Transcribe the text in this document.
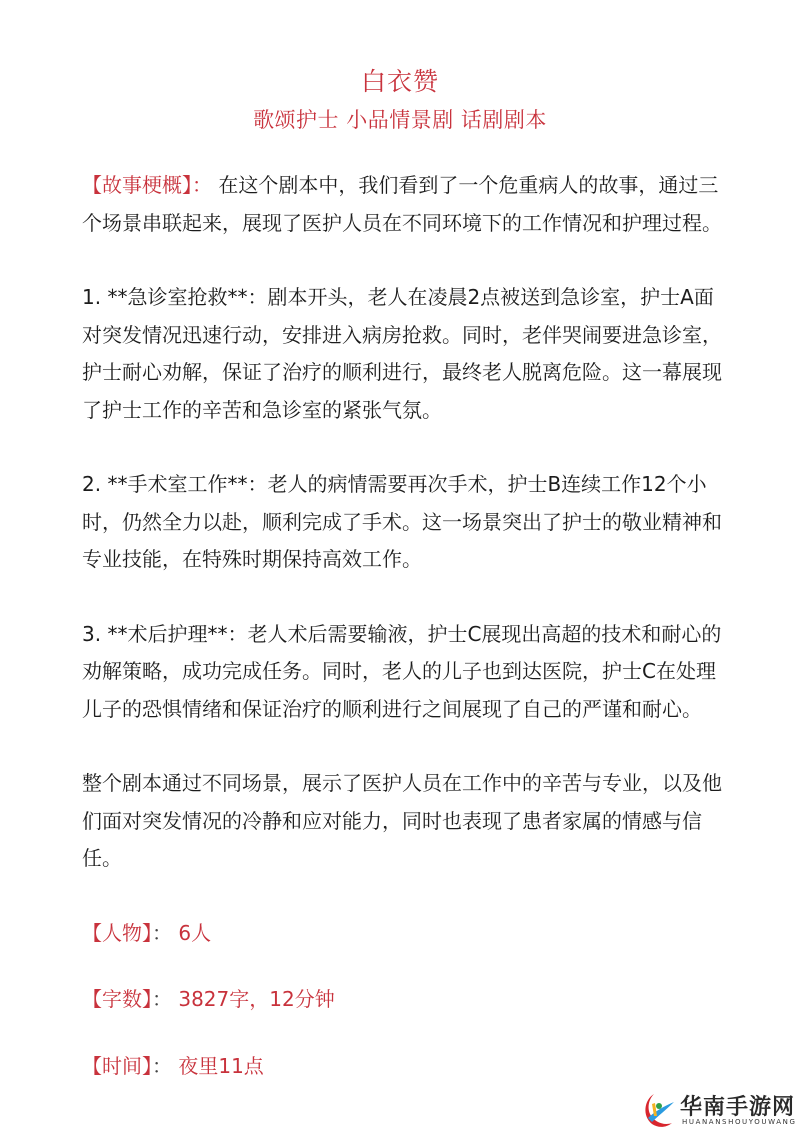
白衣赞
歌颂护士 小品情景剧 话剧剧本

【故事梗概】： 在这个剧本中，我们看到了一个危重病人的故事，通过三个场景串联起来，展现了医护人员在不同环境下的工作情况和护理过程。

1. **急诊室抢救**：剧本开头，老人在凌晨2点被送到急诊室，护士A面对突发情况迅速行动，安排进入病房抢救。同时，老伴哭闹要进急诊室，护士耐心劝解，保证了治疗的顺利进行，最终老人脱离危险。这一幕展现了护士工作的辛苦和急诊室的紧张气氛。

2. **手术室工作**：老人的病情需要再次手术，护士B连续工作12个小时，仍然全力以赴，顺利完成了手术。这一场景突出了护士的敬业精神和专业技能，在特殊时期保持高效工作。

3. **术后护理**：老人术后需要输液，护士C展现出高超的技术和耐心的劝解策略，成功完成任务。同时，老人的儿子也到达医院，护士C在处理儿子的恐惧情绪和保证治疗的顺利进行之间展现了自己的严谨和耐心。

整个剧本通过不同场景，展示了医护人员在工作中的辛苦与专业，以及他们面对突发情况的冷静和应对能力，同时也表现了患者家属的情感与信任。

【人物】： 6人

【字数】： 3827字，12分钟

【时间】： 夜里11点

华南手游网
HUANANSHOUYOUWANG
